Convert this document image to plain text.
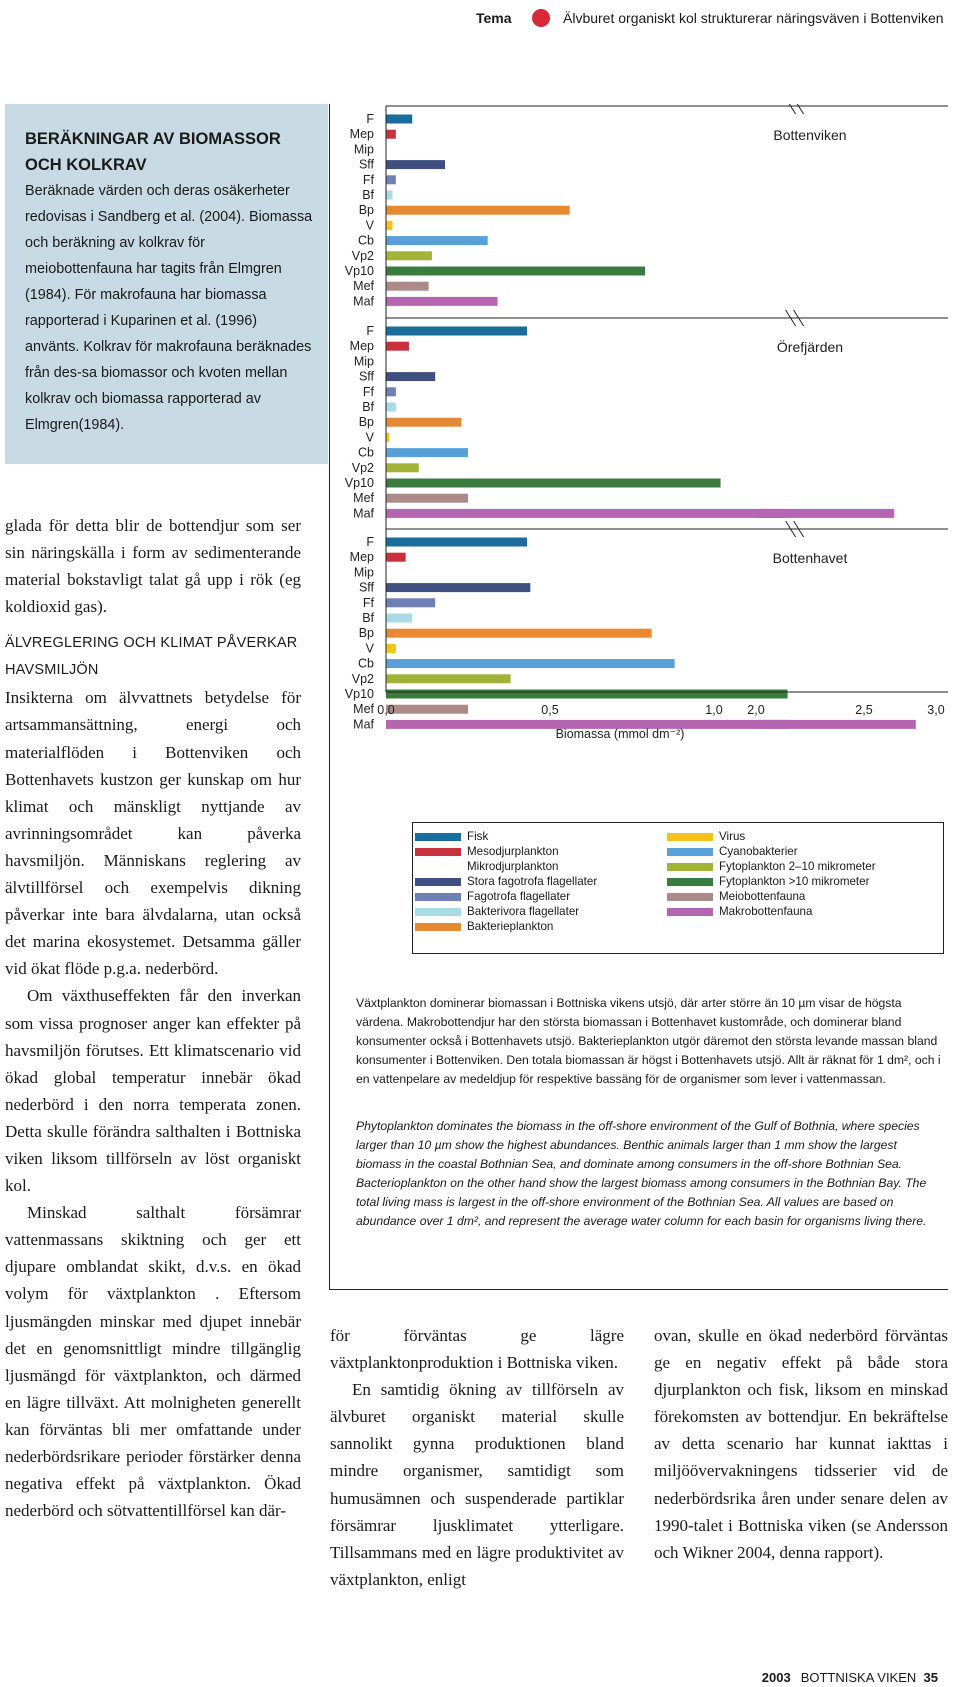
Tema	Älvburet organiskt kol strukturerar näringsväven i Bottenviken

BERÄKNINGAR AV BIOMASSOR OCH KOLKRAV

Beräknade värden och deras osäkerheter redovisas i Sandberg et al. (2004). Biomassa och beräkning av kolkrav för meiobottenfauna har tagits från Elmgren (1984). För makrofauna har biomassa rapporterad i Kuparinen et al. (1996) använts. Kolkrav för makrofauna beräknades från des-sa biomassor och kvoten mellan kolkrav och biomassa rapporterad av Elmgren(1984).

glada för detta blir de bottendjur som ser sin näringskälla i form av sedimenterande material bokstavligt talat gå upp i rök (eg koldioxid gas).

ÄLVREGLERING OCH KLIMAT PÅVERKAR HAVSMILJÖN

Insikterna om älvvattnets betydelse för artsammansättning, energi och materialflöden i Bottenviken och Bottenhavets kustzon ger kunskap om hur klimat och mänskligt nyttjande av avrinningsområdet kan påverka havsmiljön. Människans reglering av älvtillförsel och exempelvis dikning påverkar inte bara älvdalarna, utan också det marina ekosystemet. Detsamma gäller vid ökat flöde p.g.a. nederbörd.

Om växthuseffekten får den inverkan som vissa prognoser anger kan effekter på havsmiljön förutses. Ett klimatscenario vid ökad global temperatur innebär ökad nederbörd i den norra temperata zonen. Detta skulle förändra salthalten i Bottniska viken liksom tillförseln av löst organiskt kol.

Minskad salthalt försämrar vattenmassans skiktning och ger ett djupare omblandat skikt, d.v.s. en ökad volym för växtplankton . Eftersom ljusmängden minskar med djupet innebär det en genomsnittligt mindre tillgänglig ljusmängd för växtplankton, och därmed en lägre tillväxt. Att molnigheten generellt kan förväntas bli mer omfattande under nederbördsrikare perioder förstärker denna negativa effekt på växtplankton. Ökad nederbörd och sötvattentillförsel kan där-

Bottenviken
F
Mep
Mip
Sff
Ff
Bf
Bp
V
Cb
Vp2
Vp10
Mef
Maf
Örefjärden
F
Mep
Mip
Sff
Ff
Bf
Bp
V
Cb
Vp2
Vp10
Mef
Maf
Bottenhavet
F
Mep
Mip
Sff
Ff
Bf
Bp
V
Cb
Vp2
Vp10
Mef
Maf
0,0	0,5	1,0 2,0	2,5	3,0
Biomassa (mmol dm⁻²)
Fisk
Mesodjurplankton
Mikrodjurplankton
Stora fagotrofa flagellater
Fagotrofa flagellater
Bakterivora flagellater
Bakterieplankton
Virus
Cyanobakterier
Fytoplankton 2–10 mikrometer
Fytoplankton >10 mikrometer
Meiobottenfauna
Makrobottenfauna

Växtplankton dominerar biomassan i Bottniska vikens utsjö, där arter större än 10 µm visar de högsta värdena. Makrobottendjur har den största biomassan i Bottenhavet kustområde, och dominerar bland konsumenter också i Bottenhavets utsjö. Bakterieplankton utgör däremot den största levande massan bland konsumenter i Bottenviken. Den totala biomassan är högst i Bottenhavets utsjö. Allt är räknat för 1 dm², och i en vattenpelare av medeldjup för respektive bassäng för de organismer som lever i vattenmassan.

Phytoplankton dominates the biomass in the off-shore environment of the Gulf of Bothnia, where species larger than 10 µm show the highest abundances. Benthic animals larger than 1 mm show the largest biomass in the coastal Bothnian Sea, and dominate among consumers in the off-shore Bothnian Sea. Bacterioplankton on the other hand show the largest biomass among consumers in the Bothnian Bay. The total living mass is largest in the off-shore environment of the Bothnian Sea. All values are based on abundance over 1 dm², and represent the average water column for each basin for organisms living there.

för förväntas ge lägre växtplanktonproduktion i Bottniska viken.

En samtidig ökning av tillförseln av älvburet organiskt material skulle sannolikt gynna produktionen bland mindre organismer, samtidigt som humusämnen och suspenderade partiklar försämrar ljusklimatet ytterligare. Tillsammans med en lägre produktivitet av växtplankton, enligt

ovan, skulle en ökad nederbörd förväntas ge en negativ effekt på både stora djurplankton och fisk, liksom en minskad förekomsten av bottendjur. En bekräftelse av detta scenario har kunnat iakttas i miljöövervakningens tidsserier vid de nederbördsrika åren under senare delen av 1990-talet i Bottniska viken (se Andersson och Wikner 2004, denna rapport).

2003 BOTTNISKA VIKEN 35
